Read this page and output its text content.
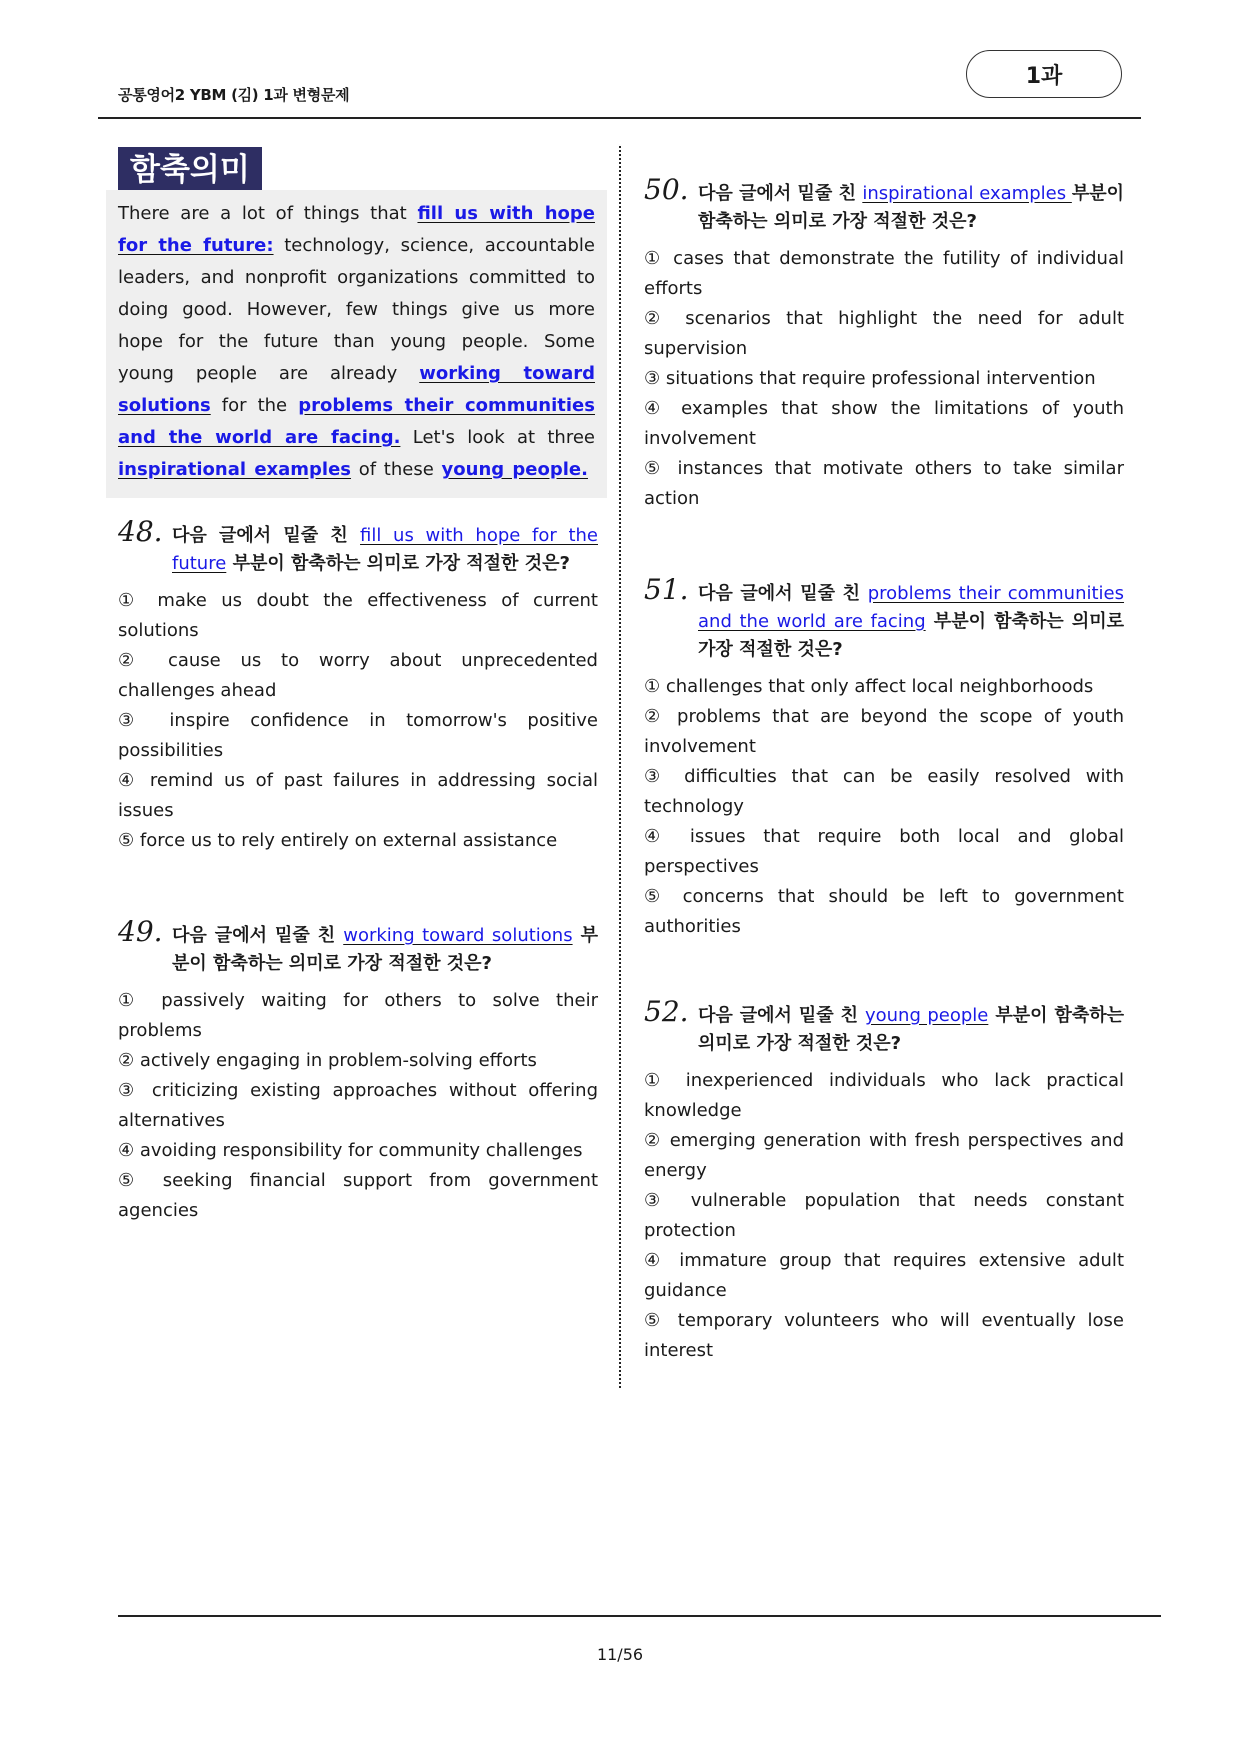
공통영어2 YBM (김) 1과 변형문제
1과
함축의미
There are a lot of things that fill us with hope for the future: technology, science, accountable leaders, and nonprofit organizations committed to doing good. However, few things give us more hope for the future than young people. Some young people are already working toward solutions for the problems their communities and the world are facing. Let's look at three inspirational examples of these young people.
48. 다음 글에서 밑줄 친 fill us with hope for the future 부분이 함축하는 의미로 가장 적절한 것은?
① make us doubt the effectiveness of current solutions
② cause us to worry about unprecedented challenges ahead
③ inspire confidence in tomorrow's positive possibilities
④ remind us of past failures in addressing social issues
⑤ force us to rely entirely on external assistance
49. 다음 글에서 밑줄 친 working toward solutions 부분이 함축하는 의미로 가장 적절한 것은?
① passively waiting for others to solve their problems
② actively engaging in problem-solving efforts
③ criticizing existing approaches without offering alternatives
④ avoiding responsibility for community challenges
⑤ seeking financial support from government agencies
50. 다음 글에서 밑줄 친 inspirational examples 부분이 함축하는 의미로 가장 적절한 것은?
① cases that demonstrate the futility of individual efforts
② scenarios that highlight the need for adult supervision
③ situations that require professional intervention
④ examples that show the limitations of youth involvement
⑤ instances that motivate others to take similar action
51. 다음 글에서 밑줄 친 problems their communities and the world are facing 부분이 함축하는 의미로 가장 적절한 것은?
① challenges that only affect local neighborhoods
② problems that are beyond the scope of youth involvement
③ difficulties that can be easily resolved with technology
④ issues that require both local and global perspectives
⑤ concerns that should be left to government authorities
52. 다음 글에서 밑줄 친 young people 부분이 함축하는 의미로 가장 적절한 것은?
① inexperienced individuals who lack practical knowledge
② emerging generation with fresh perspectives and energy
③ vulnerable population that needs constant protection
④ immature group that requires extensive adult guidance
⑤ temporary volunteers who will eventually lose interest
11/56
